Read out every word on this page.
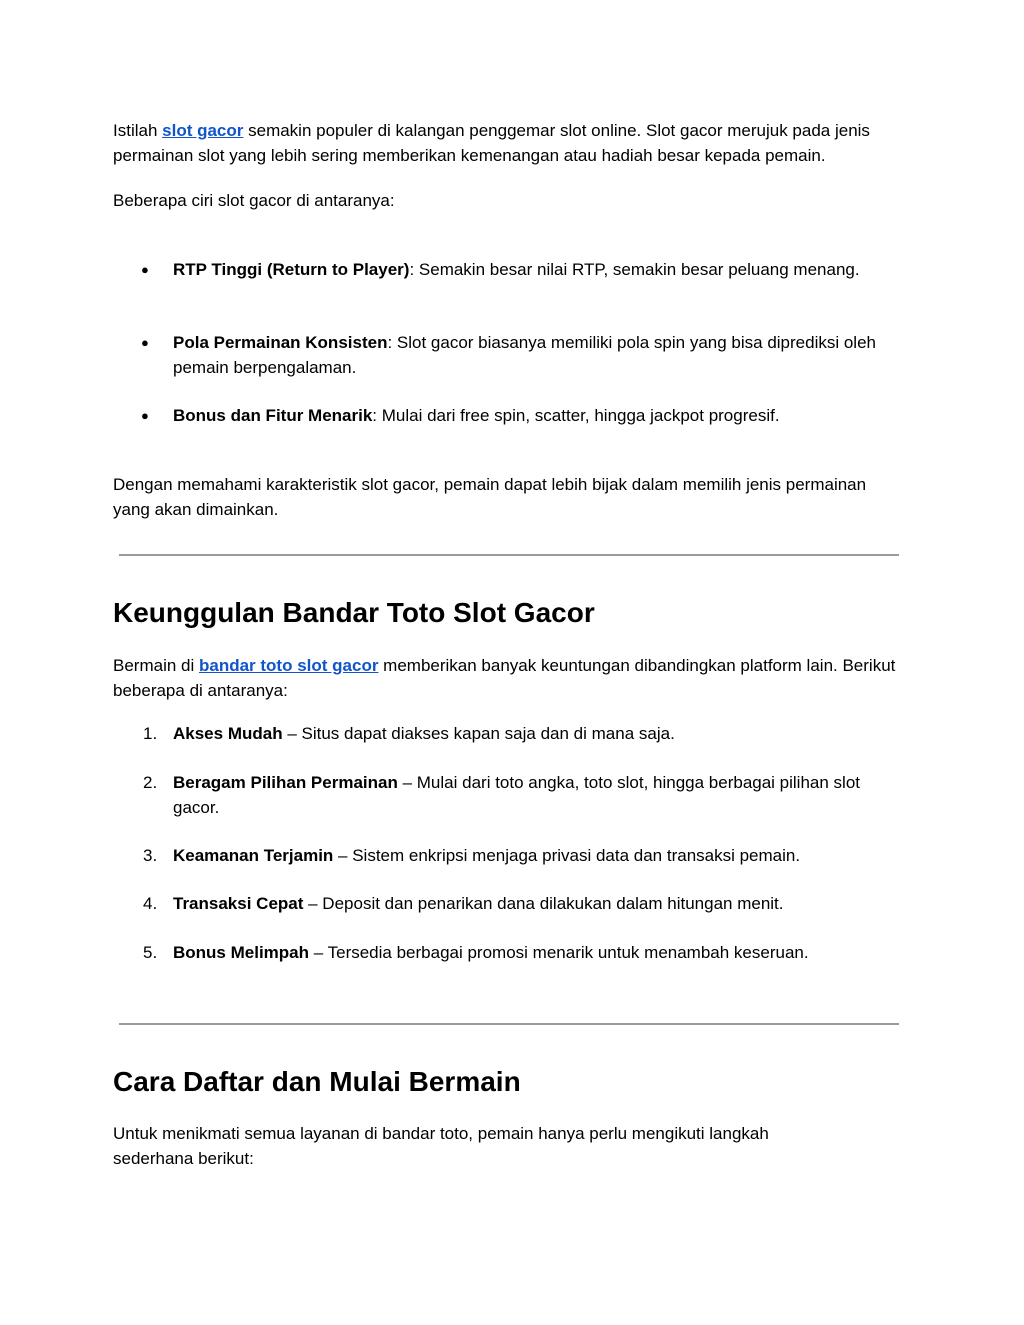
Istilah slot gacor semakin populer di kalangan penggemar slot online. Slot gacor merujuk pada jenis permainan slot yang lebih sering memberikan kemenangan atau hadiah besar kepada pemain.

Beberapa ciri slot gacor di antaranya:

● RTP Tinggi (Return to Player): Semakin besar nilai RTP, semakin besar peluang menang.
● Pola Permainan Konsisten: Slot gacor biasanya memiliki pola spin yang bisa diprediksi oleh pemain berpengalaman.
● Bonus dan Fitur Menarik: Mulai dari free spin, scatter, hingga jackpot progresif.

Dengan memahami karakteristik slot gacor, pemain dapat lebih bijak dalam memilih jenis permainan yang akan dimainkan.

Keunggulan Bandar Toto Slot Gacor

Bermain di bandar toto slot gacor memberikan banyak keuntungan dibandingkan platform lain. Berikut beberapa di antaranya:

1. Akses Mudah – Situs dapat diakses kapan saja dan di mana saja.
2. Beragam Pilihan Permainan – Mulai dari toto angka, toto slot, hingga berbagai pilihan slot gacor.
3. Keamanan Terjamin – Sistem enkripsi menjaga privasi data dan transaksi pemain.
4. Transaksi Cepat – Deposit dan penarikan dana dilakukan dalam hitungan menit.
5. Bonus Melimpah – Tersedia berbagai promosi menarik untuk menambah keseruan.
Cara Daftar dan Mulai Bermain

Untuk menikmati semua layanan di bandar toto, pemain hanya perlu mengikuti langkah sederhana berikut:
